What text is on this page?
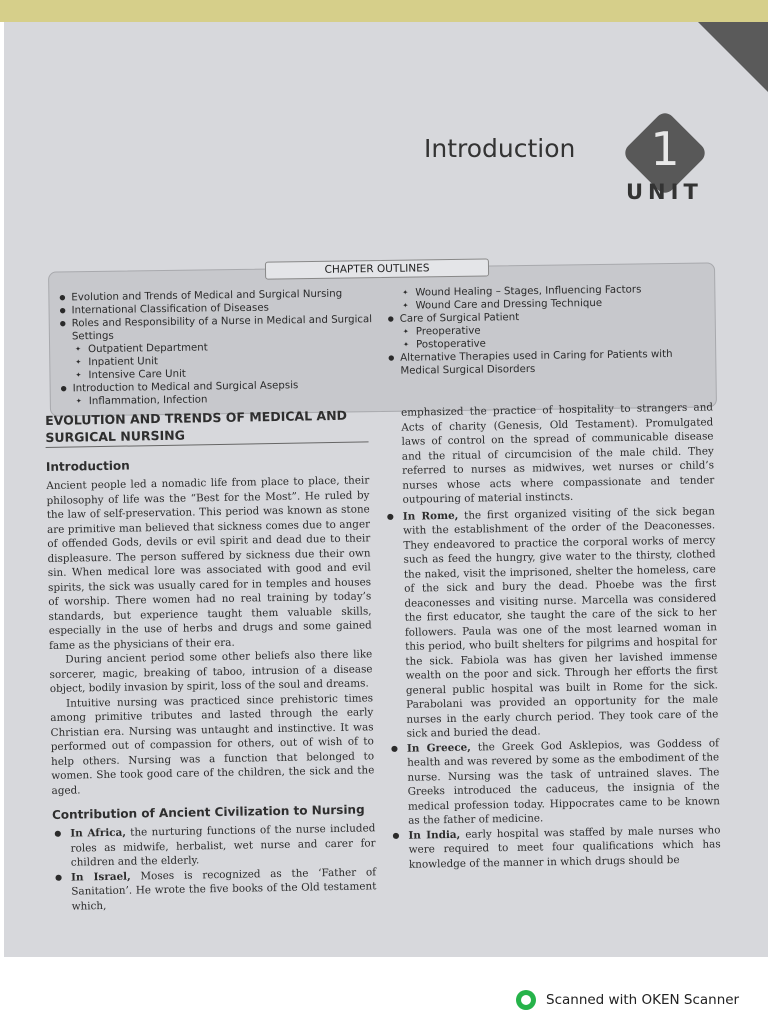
Introduction	1
UNIT
CHAPTER OUTLINES
● Evolution and Trends of Medical and Surgical Nursing
● International Classification of Diseases
● Roles and Responsibility of a Nurse in Medical and Surgical Settings
✦ Outpatient Department
✦ Inpatient Unit
✦ Intensive Care Unit
● Introduction to Medical and Surgical Asepsis
✦ Inflammation, Infection
✦ Wound Healing – Stages, Influencing Factors
✦ Wound Care and Dressing Technique
● Care of Surgical Patient
✦ Preoperative
✦ Postoperative
● Alternative Therapies used in Caring for Patients with Medical Surgical Disorders
EVOLUTION AND TRENDS OF MEDICAL AND SURGICAL NURSING
Introduction

Ancient people led a nomadic life from place to place, their philosophy of life was the “Best for the Most”. He ruled by the law of self-preservation. This period was known as stone are primitive man believed that sickness comes due to anger of offended Gods, devils or evil spirit and dead due to their displeasure. The person suffered by sickness due their own sin. When medical lore was associated with good and evil spirits, the sick was usually cared for in temples and houses of worship. There women had no real training by today’s standards, but experience taught them valuable skills, especially in the use of herbs and drugs and some gained fame as the physicians of their era.

During ancient period some other beliefs also there like sorcerer, magic, breaking of taboo, intrusion of a disease object, bodily invasion by spirit, loss of the soul and dreams.

Intuitive nursing was practiced since prehistoric times among primitive tributes and lasted through the early Christian era. Nursing was untaught and instinctive. It was performed out of compassion for others, out of wish of to help others. Nursing was a function that belonged to women. She took good care of the children, the sick and the aged.

Contribution of Ancient Civilization to Nursing
● In Africa, the nurturing functions of the nurse included roles as midwife, herbalist, wet nurse and carer for children and the elderly.
● In Israel, Moses is recognized as the ‘Father of Sanitation’. He wrote the five books of the Old testament which,

emphasized the practice of hospitality to strangers and Acts of charity (Genesis, Old Testament). Promulgated laws of control on the spread of communicable disease and the ritual of circumcision of the male child. They referred to nurses as midwives, wet nurses or child’s nurses whose acts where compassionate and tender outpouring of material instincts.

● In Rome, the first organized visiting of the sick began with the establishment of the order of the Deaconesses. They endeavored to practice the corporal works of mercy such as feed the hungry, give water to the thirsty, clothed the naked, visit the imprisoned, shelter the homeless, care of the sick and bury the dead. Phoebe was the first deaconesses and visiting nurse. Marcella was considered the first educator, she taught the care of the sick to her followers. Paula was one of the most learned woman in this period, who built shelters for pilgrims and hospital for the sick. Fabiola was has given her lavished immense wealth on the poor and sick. Through her efforts the first general public hospital was built in Rome for the sick. Parabolani was provided an opportunity for the male nurses in the early church period. They took care of the sick and buried the dead.
● In Greece, the Greek God Asklepios, was Goddess of health and was revered by some as the embodiment of the nurse. Nursing was the task of untrained slaves. The Greeks introduced the caduceus, the insignia of the medical profession today. Hippocrates came to be known as the father of medicine.
● In India, early hospital was staffed by male nurses who were required to meet four qualifications which has knowledge of the manner in which drugs should be
Scanned with OKEN Scanner
